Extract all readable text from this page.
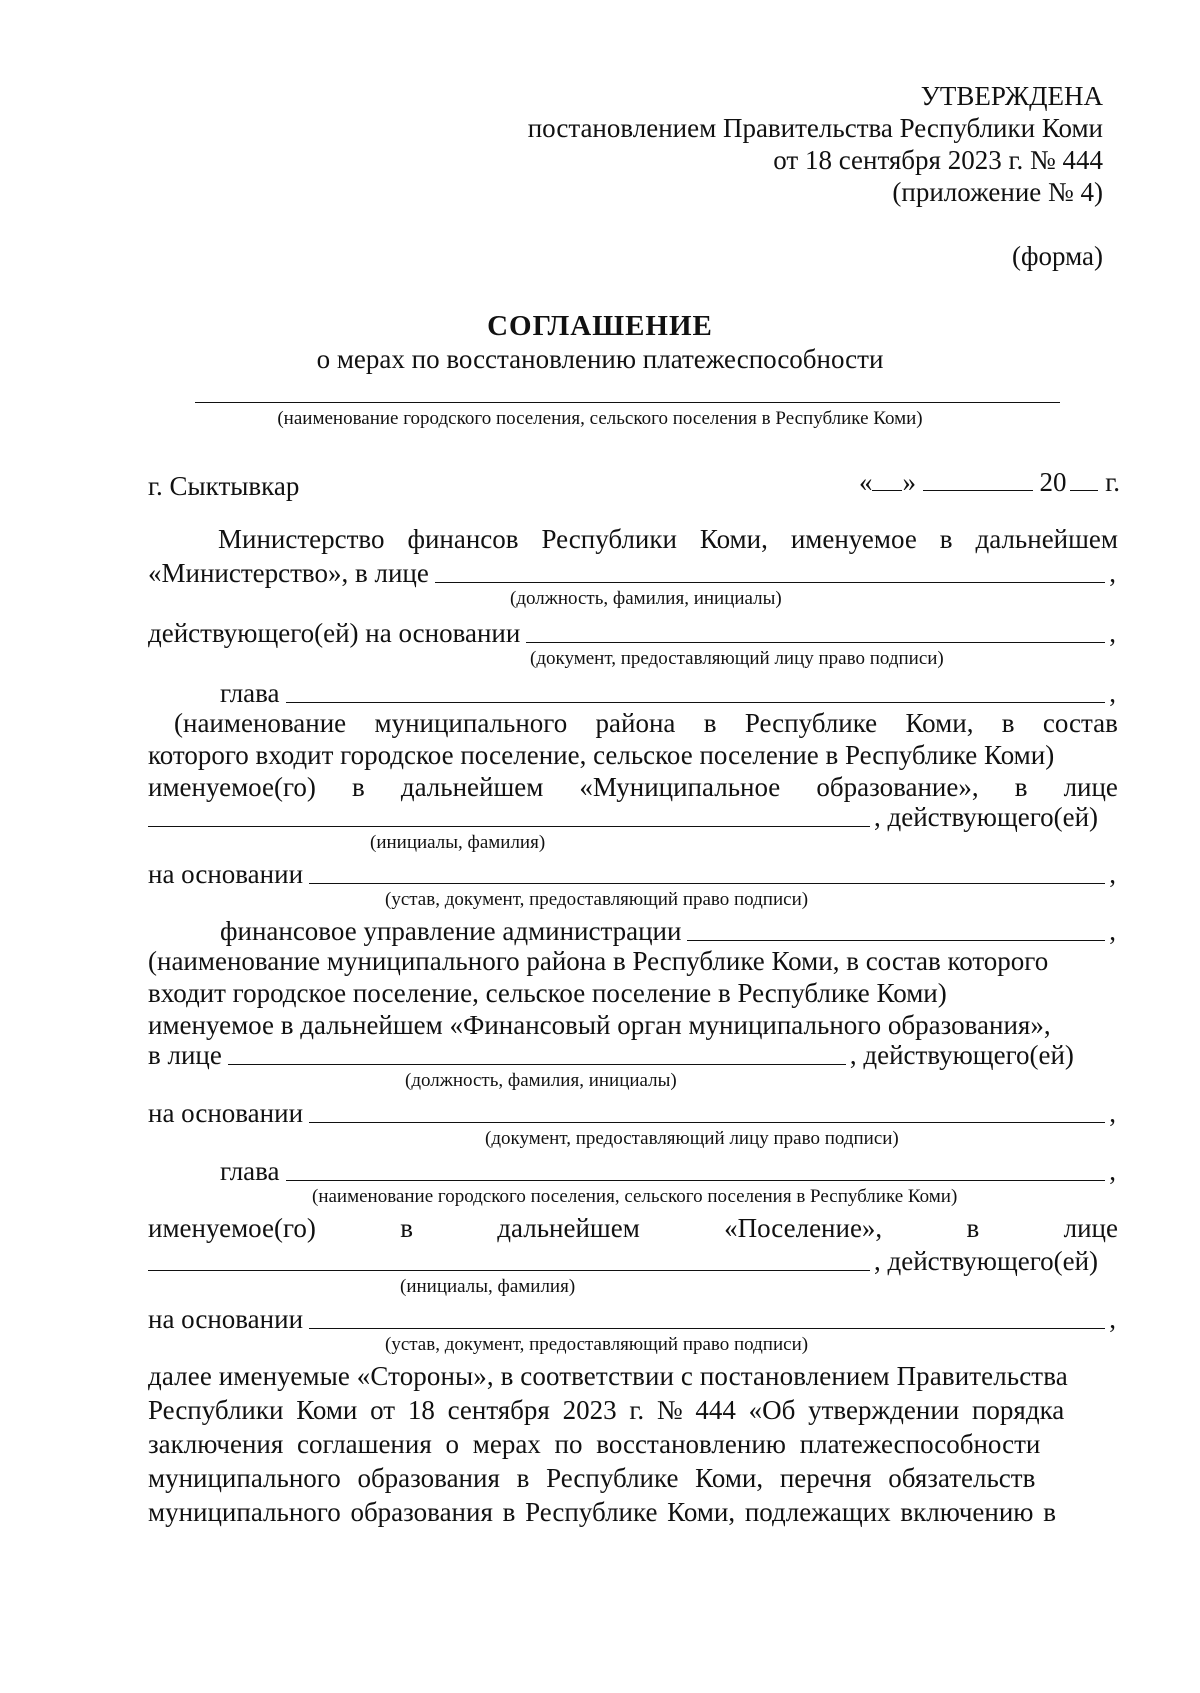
УТВЕРЖДЕНА
постановлением Правительства Республики Коми
от 18 сентября 2023 г. № 444
(приложение № 4)
(форма)
СОГЛАШЕНИЕ
о мерах по восстановлению платежеспособности
(наименование городского поселения, сельского поселения в Республике Коми)
г. Сыктывкар	« »	20 г.
Министерство финансов Республики Коми, именуемое в дальнейшем
«Министерство», в лице	,
(должность, фамилия, инициалы)
действующего(ей) на основании	,
(документ, предоставляющий лицу право подписи)
глава	,
(наименование муниципального района в Республике Коми, в состав
которого входит городское поселение, сельское поселение в Республике Коми)
именуемое(го) в дальнейшем «Муниципальное образование», в лице
, действующего(ей)
(инициалы, фамилия)
на основании	,
(устав, документ, предоставляющий право подписи)
финансовое управление администрации	,
(наименование муниципального района в Республике Коми, в состав которого
входит городское поселение, сельское поселение в Республике Коми)
именуемое в дальнейшем «Финансовый орган муниципального образования»,
в лице	, действующего(ей)
(должность, фамилия, инициалы)
на основании	,
(документ, предоставляющий лицу право подписи)
глава	,
(наименование городского поселения, сельского поселения в Республике Коми)
именуемое(го)	в	дальнейшем	«Поселение»,	в	лице
, действующего(ей)
(инициалы, фамилия)
на основании	,
(устав, документ, предоставляющий право подписи)
далее именуемые «Стороны», в соответствии с постановлением Правительства
Республики Коми от 18 сентября 2023 г. № 444 «Об утверждении порядка
заключения соглашения о мерах по восстановлению платежеспособности
муниципального образования в Республике Коми, перечня обязательств
муниципального образования в Республике Коми, подлежащих включению в
